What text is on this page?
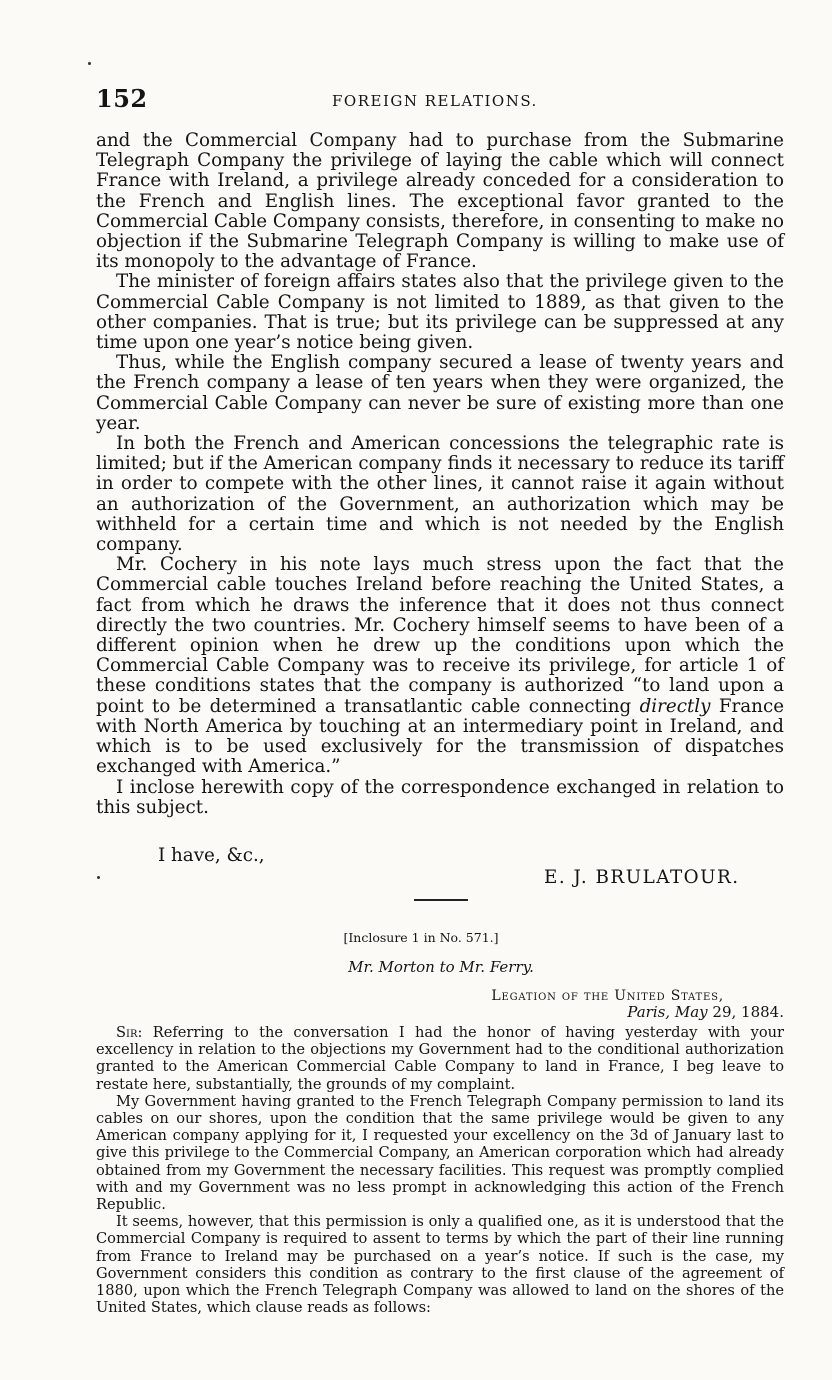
152	FOREIGN RELATIONS.

and the Commercial Company had to purchase from the Submarine Telegraph Company the privilege of laying the cable which will connect France with Ireland, a privilege already conceded for a consideration to the French and English lines. The exceptional favor granted to the Commercial Cable Company consists, therefore, in consenting to make no objection if the Submarine Telegraph Company is willing to make use of its monopoly to the advantage of France.

The minister of foreign affairs states also that the privilege given to the Commercial Cable Company is not limited to 1889, as that given to the other companies. That is true; but its privilege can be suppressed at any time upon one year’s notice being given.

Thus, while the English company secured a lease of twenty years and the French company a lease of ten years when they were organized, the Commercial Cable Company can never be sure of existing more than one year.

In both the French and American concessions the telegraphic rate is limited; but if the American company finds it necessary to reduce its tariff in order to compete with the other lines, it cannot raise it again without an authorization of the Government, an authorization which may be withheld for a certain time and which is not needed by the English company.

Mr. Cochery in his note lays much stress upon the fact that the Commercial cable touches Ireland before reaching the United States, a fact from which he draws the inference that it does not thus connect directly the two countries. Mr. Cochery himself seems to have been of a different opinion when he drew up the conditions upon which the Commercial Cable Company was to receive its privilege, for article 1 of these conditions states that the company is authorized “to land upon a point to be determined a transatlantic cable connecting directly France with North America by touching at an intermediary point in Ireland, and which is to be used exclusively for the transmission of dispatches exchanged with America.”

I inclose herewith copy of the correspondence exchanged in relation to this subject.

I have, &c.,
E. J. BRULATOUR.
[Inclosure 1 in No. 571.]
Mr. Morton to Mr. Ferry.
Legation of the United States,
Paris, May 29, 1884.

Sir: Referring to the conversation I had the honor of having yesterday with your excellency in relation to the objections my Government had to the conditional authorization granted to the American Commercial Cable Company to land in France, I beg leave to restate here, substantially, the grounds of my complaint.

My Government having granted to the French Telegraph Company permission to land its cables on our shores, upon the condition that the same privilege would be given to any American company applying for it, I requested your excellency on the 3d of January last to give this privilege to the Commercial Company, an American corporation which had already obtained from my Government the necessary facilities. This request was promptly complied with and my Government was no less prompt in acknowledging this action of the French Republic.

It seems, however, that this permission is only a qualified one, as it is understood that the Commercial Company is required to assent to terms by which the part of their line running from France to Ireland may be purchased on a year’s notice. If such is the case, my Government considers this condition as contrary to the first clause of the agreement of 1880, upon which the French Telegraph Company was allowed to land on the shores of the United States, which clause reads as follows:
